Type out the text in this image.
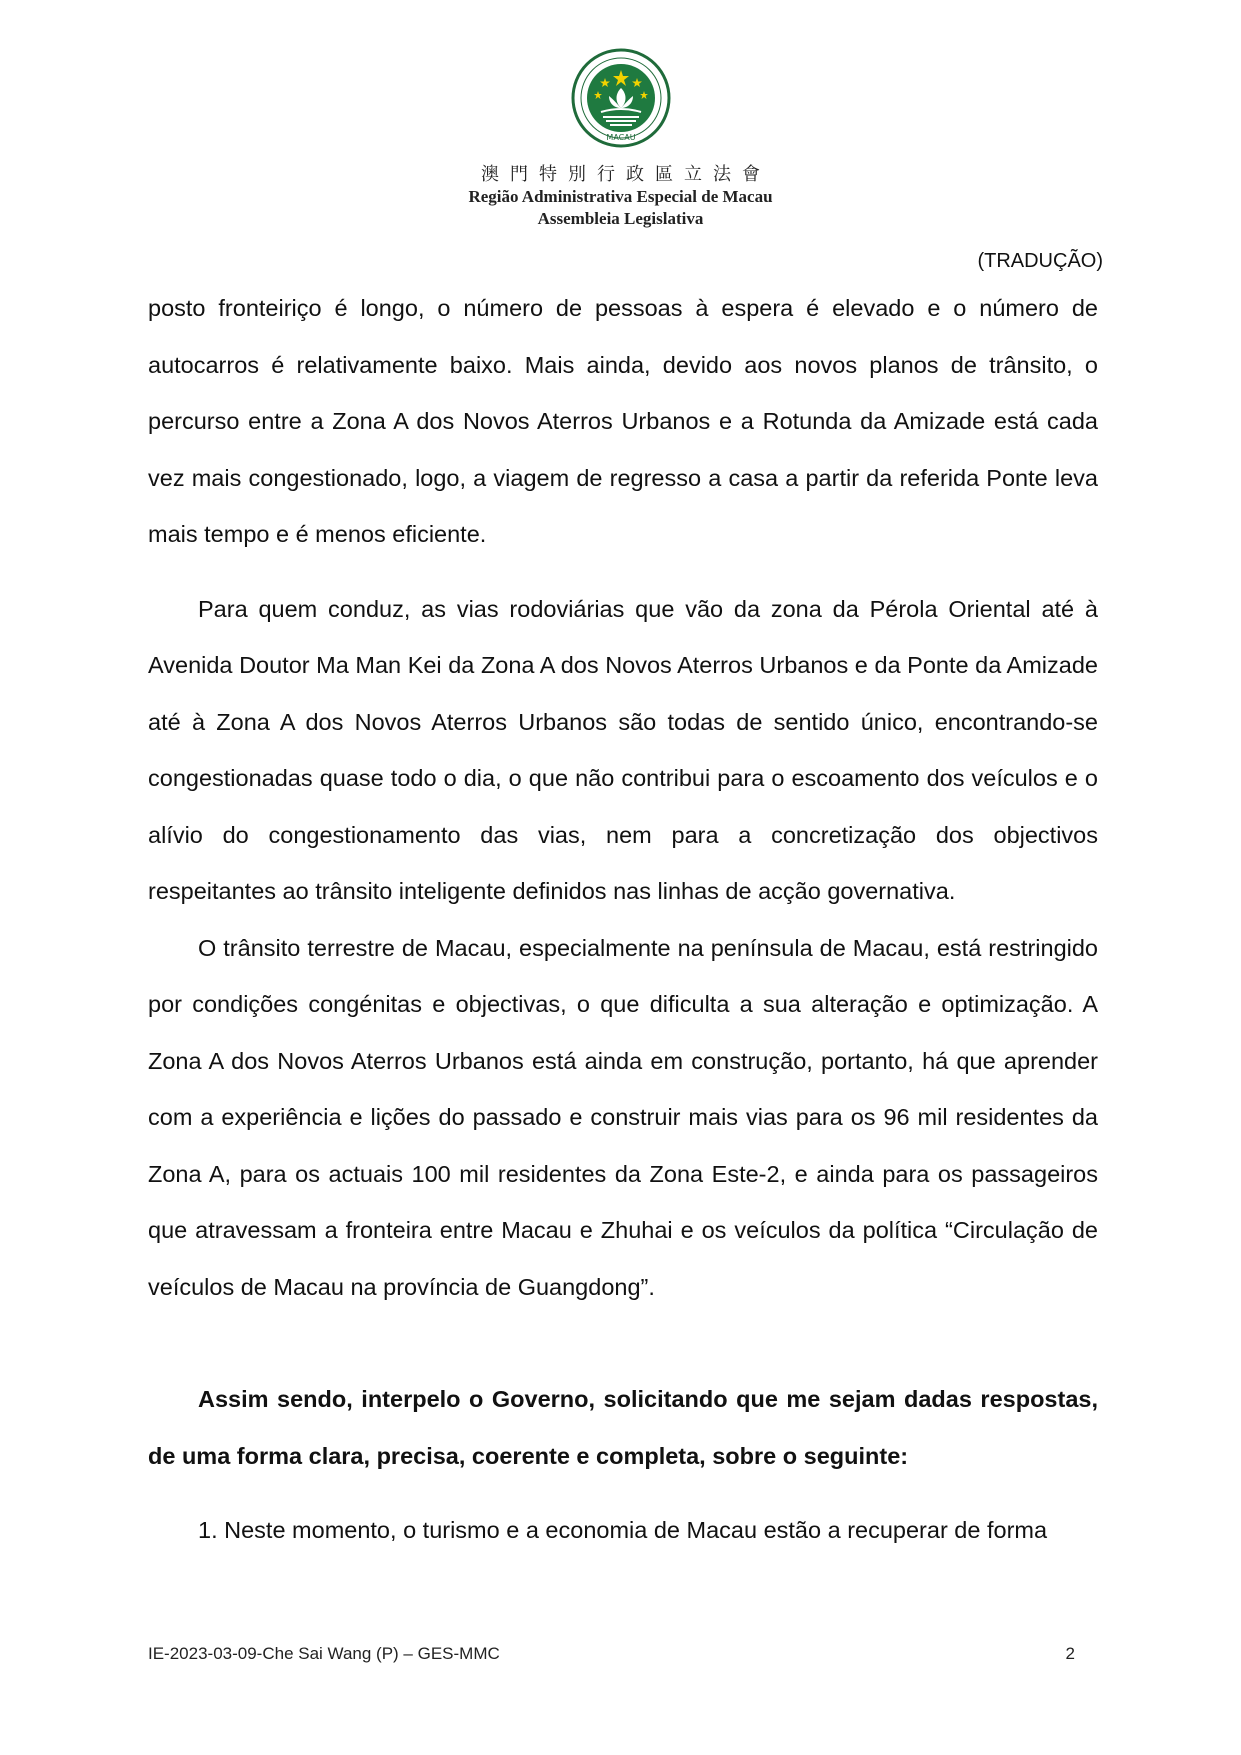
MACAU
澳門特別行政區立法會
Região Administrativa Especial de Macau
Assembleia Legislativa
(TRADUÇÃO)

posto fronteiriço é longo, o número de pessoas à espera é elevado e o número de autocarros é relativamente baixo. Mais ainda, devido aos novos planos de trânsito, o percurso entre a Zona A dos Novos Aterros Urbanos e a Rotunda da Amizade está cada vez mais congestionado, logo, a viagem de regresso a casa a partir da referida Ponte leva mais tempo e é menos eficiente.

Para quem conduz, as vias rodoviárias que vão da zona da Pérola Oriental até à Avenida Doutor Ma Man Kei da Zona A dos Novos Aterros Urbanos e da Ponte da Amizade até à Zona A dos Novos Aterros Urbanos são todas de sentido único, encontrando-se congestionadas quase todo o dia, o que não contribui para o escoamento dos veículos e o alívio do congestionamento das vias, nem para a concretização dos objectivos respeitantes ao trânsito inteligente definidos nas linhas de acção governativa.

O trânsito terrestre de Macau, especialmente na península de Macau, está restringido por condições congénitas e objectivas, o que dificulta a sua alteração e optimização. A Zona A dos Novos Aterros Urbanos está ainda em construção, portanto, há que aprender com a experiência e lições do passado e construir mais vias para os 96 mil residentes da Zona A, para os actuais 100 mil residentes da Zona Este-2, e ainda para os passageiros que atravessam a fronteira entre Macau e Zhuhai e os veículos da política “Circulação de veículos de Macau na província de Guangdong”.

Assim sendo, interpelo o Governo, solicitando que me sejam dadas respostas, de uma forma clara, precisa, coerente e completa, sobre o seguinte:

1. Neste momento, o turismo e a economia de Macau estão a recuperar de forma

IE-2023-03-09-Che Sai Wang (P) – GES-MMC	2
